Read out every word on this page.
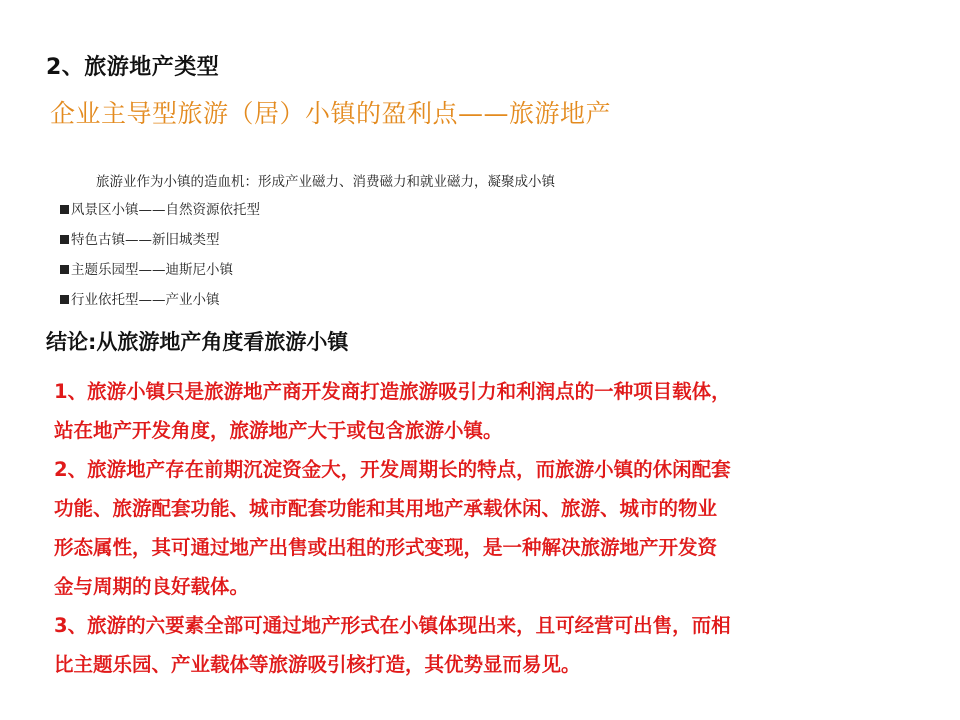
2、旅游地产类型
企业主导型旅游（居）小镇的盈利点——旅游地产
旅游业作为小镇的造血机：形成产业磁力、消费磁力和就业磁力，凝聚成小镇
风景区小镇——自然资源依托型
特色古镇——新旧城类型
主题乐园型——迪斯尼小镇
行业依托型——产业小镇
结论:从旅游地产角度看旅游小镇
1、旅游小镇只是旅游地产商开发商打造旅游吸引力和利润点的一种项目载体，
站在地产开发角度，旅游地产大于或包含旅游小镇。
2、旅游地产存在前期沉淀资金大，开发周期长的特点，而旅游小镇的休闲配套
功能、旅游配套功能、城市配套功能和其用地产承载休闲、旅游、城市的物业
形态属性，其可通过地产出售或出租的形式变现，是一种解决旅游地产开发资
金与周期的良好载体。
3、旅游的六要素全部可通过地产形式在小镇体现出来，且可经营可出售，而相
比主题乐园、产业载体等旅游吸引核打造，其优势显而易见。
